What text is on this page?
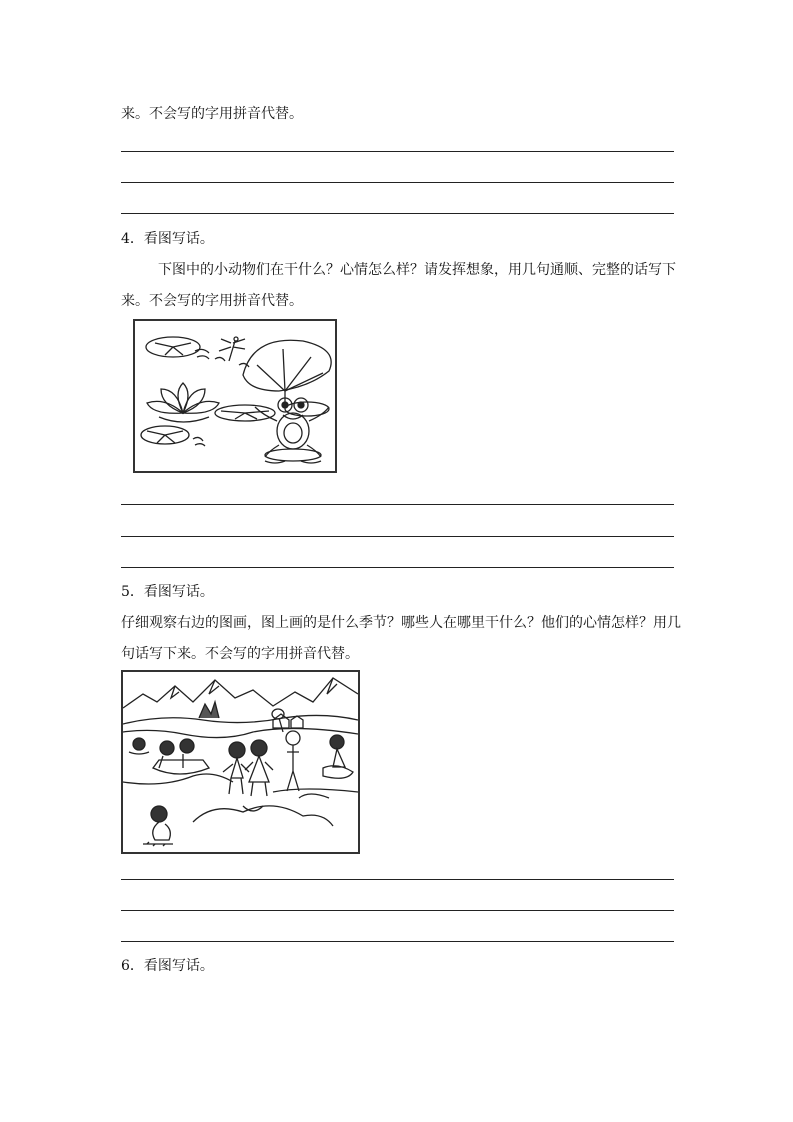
来。不会写的字用拼音代替。
4．看图写话。
下图中的小动物们在干什么？心情怎么样？请发挥想象，用几句通顺、完整的话写下
来。不会写的字用拼音代替。
5．看图写话。
仔细观察右边的图画，图上画的是什么季节？哪些人在哪里干什么？他们的心情怎样？用几
句话写下来。不会写的字用拼音代替。
6．看图写话。
